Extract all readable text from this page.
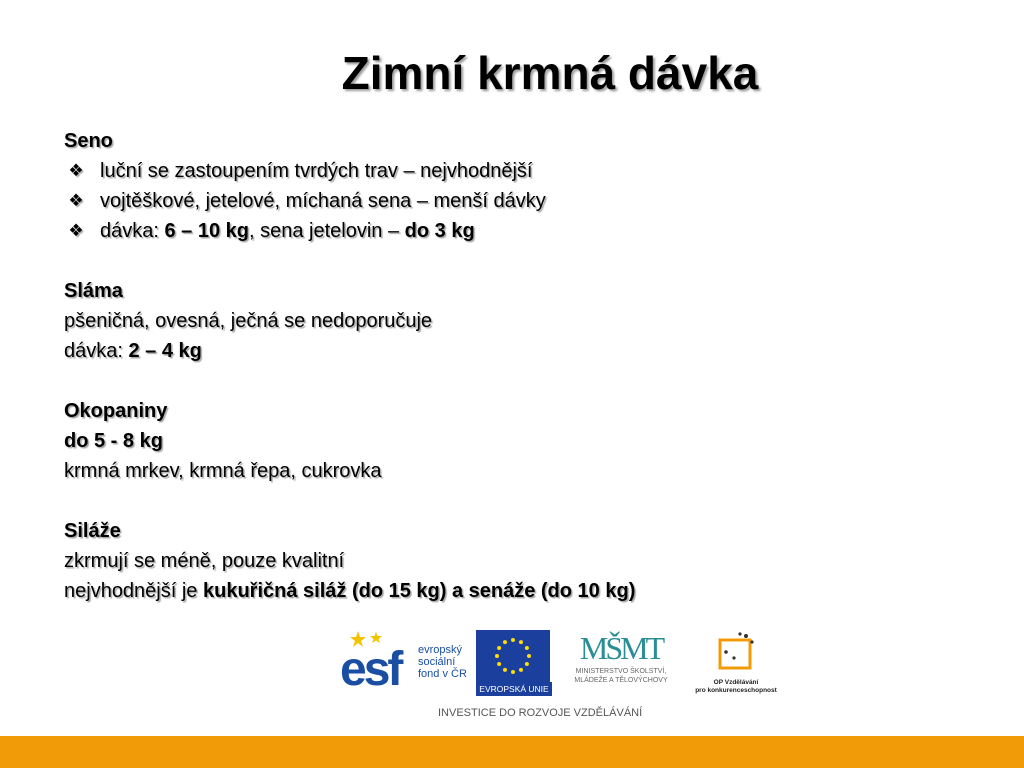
Zimní krmná dávka
Seno
❖ luční se zastoupením tvrdých trav – nejvhodnější
❖ vojtěškové, jetelové, míchaná sena – menší dávky
❖ dávka: 6 – 10 kg, sena jetelovin – do 3 kg
Sláma
pšeničná, ovesná, ječná se nedoporučuje
dávka: 2 – 4 kg
Okopaniny
do 5 - 8 kg
krmná mrkev, krmná řepa, cukrovka
Siláže
zkrmují se méně, pouze kvalitní
nejvhodnější je kukuřičná siláž (do 15 kg) a senáže (do 10 kg)
esf evropský
sociální
fond v ČR
EVROPSKÁ UNIE
MŠMT
MINISTERSTVO ŠKOLSTVÍ,
MLÁDEŽE A TĚLOVÝCHOVY	OP Vzdělávání
pro konkurenceschopnost
INVESTICE DO ROZVOJE VZDĚLÁVÁNÍ
